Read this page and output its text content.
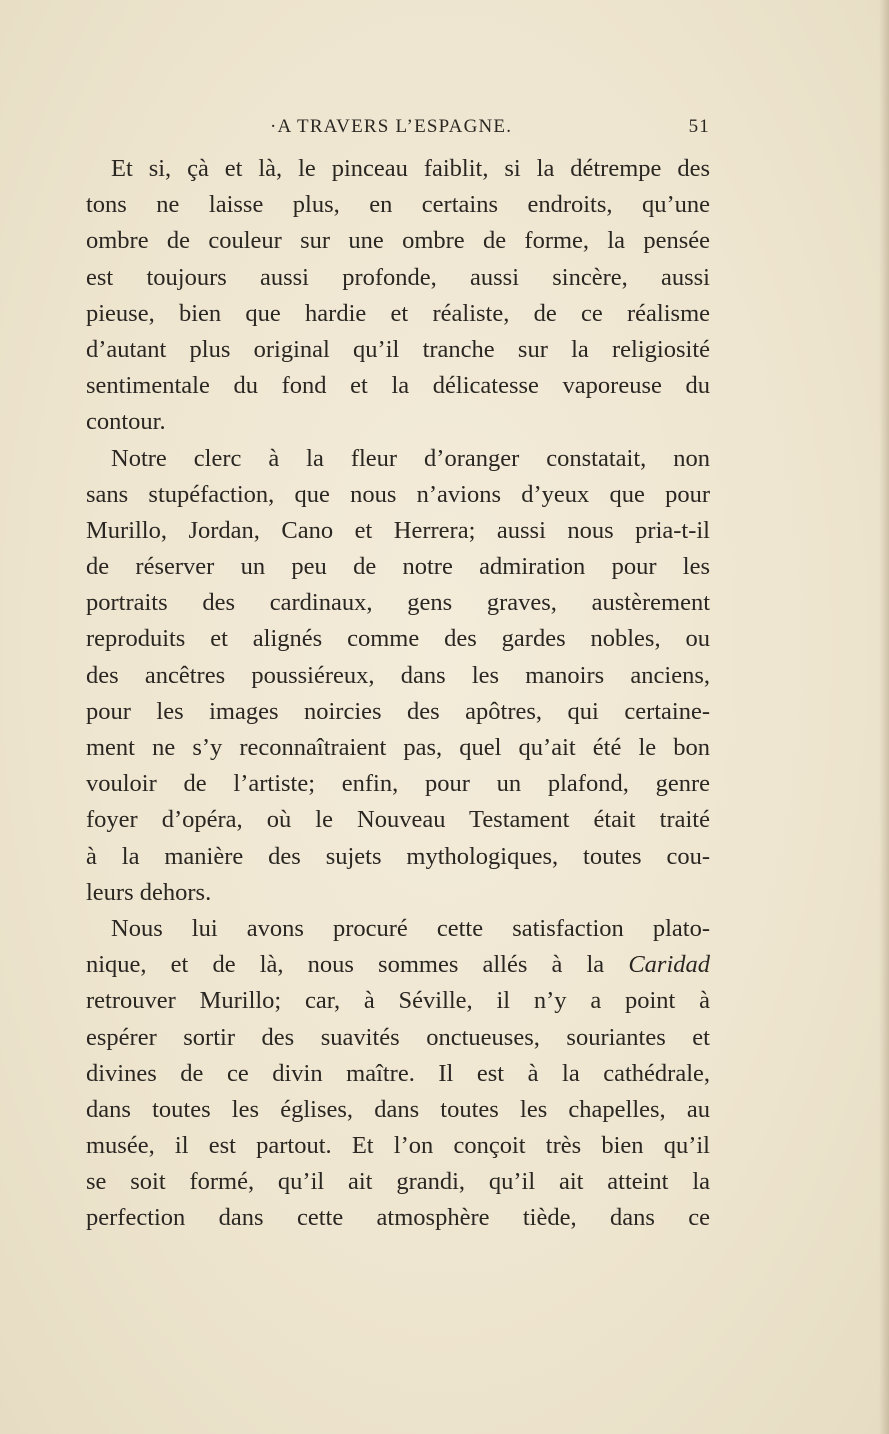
·A TRAVERS L’ESPAGNE.	51
Et si, çà et là, le pinceau faiblit, si la détrempe des
tons ne laisse plus, en certains endroits, qu’une
ombre de couleur sur une ombre de forme, la pensée
est toujours aussi profonde, aussi sincère, aussi
pieuse, bien que hardie et réaliste, de ce réalisme
d’autant plus original qu’il tranche sur la religiosité
sentimentale du fond et la délicatesse vaporeuse du
contour.
Notre clerc à la fleur d’oranger constatait, non
sans stupéfaction, que nous n’avions d’yeux que pour
Murillo, Jordan, Cano et Herrera; aussi nous pria-t-il
de réserver un peu de notre admiration pour les
portraits des cardinaux, gens graves, austèrement
reproduits et alignés comme des gardes nobles, ou
des ancêtres poussiéreux, dans les manoirs anciens,
pour les images noircies des apôtres, qui certaine-
ment ne s’y reconnaîtraient pas, quel qu’ait été le bon
vouloir de l’artiste; enfin, pour un plafond, genre
foyer d’opéra, où le Nouveau Testament était traité
à la manière des sujets mythologiques, toutes cou-
leurs dehors.
Nous lui avons procuré cette satisfaction plato-
nique, et de là, nous sommes allés à la Caridad
retrouver Murillo; car, à Séville, il n’y a point à
espérer sortir des suavités onctueuses, souriantes et
divines de ce divin maître. Il est à la cathédrale,
dans toutes les églises, dans toutes les chapelles, au
musée, il est partout. Et l’on conçoit très bien qu’il
se soit formé, qu’il ait grandi, qu’il ait atteint la
perfection dans cette atmosphère tiède, dans ce
